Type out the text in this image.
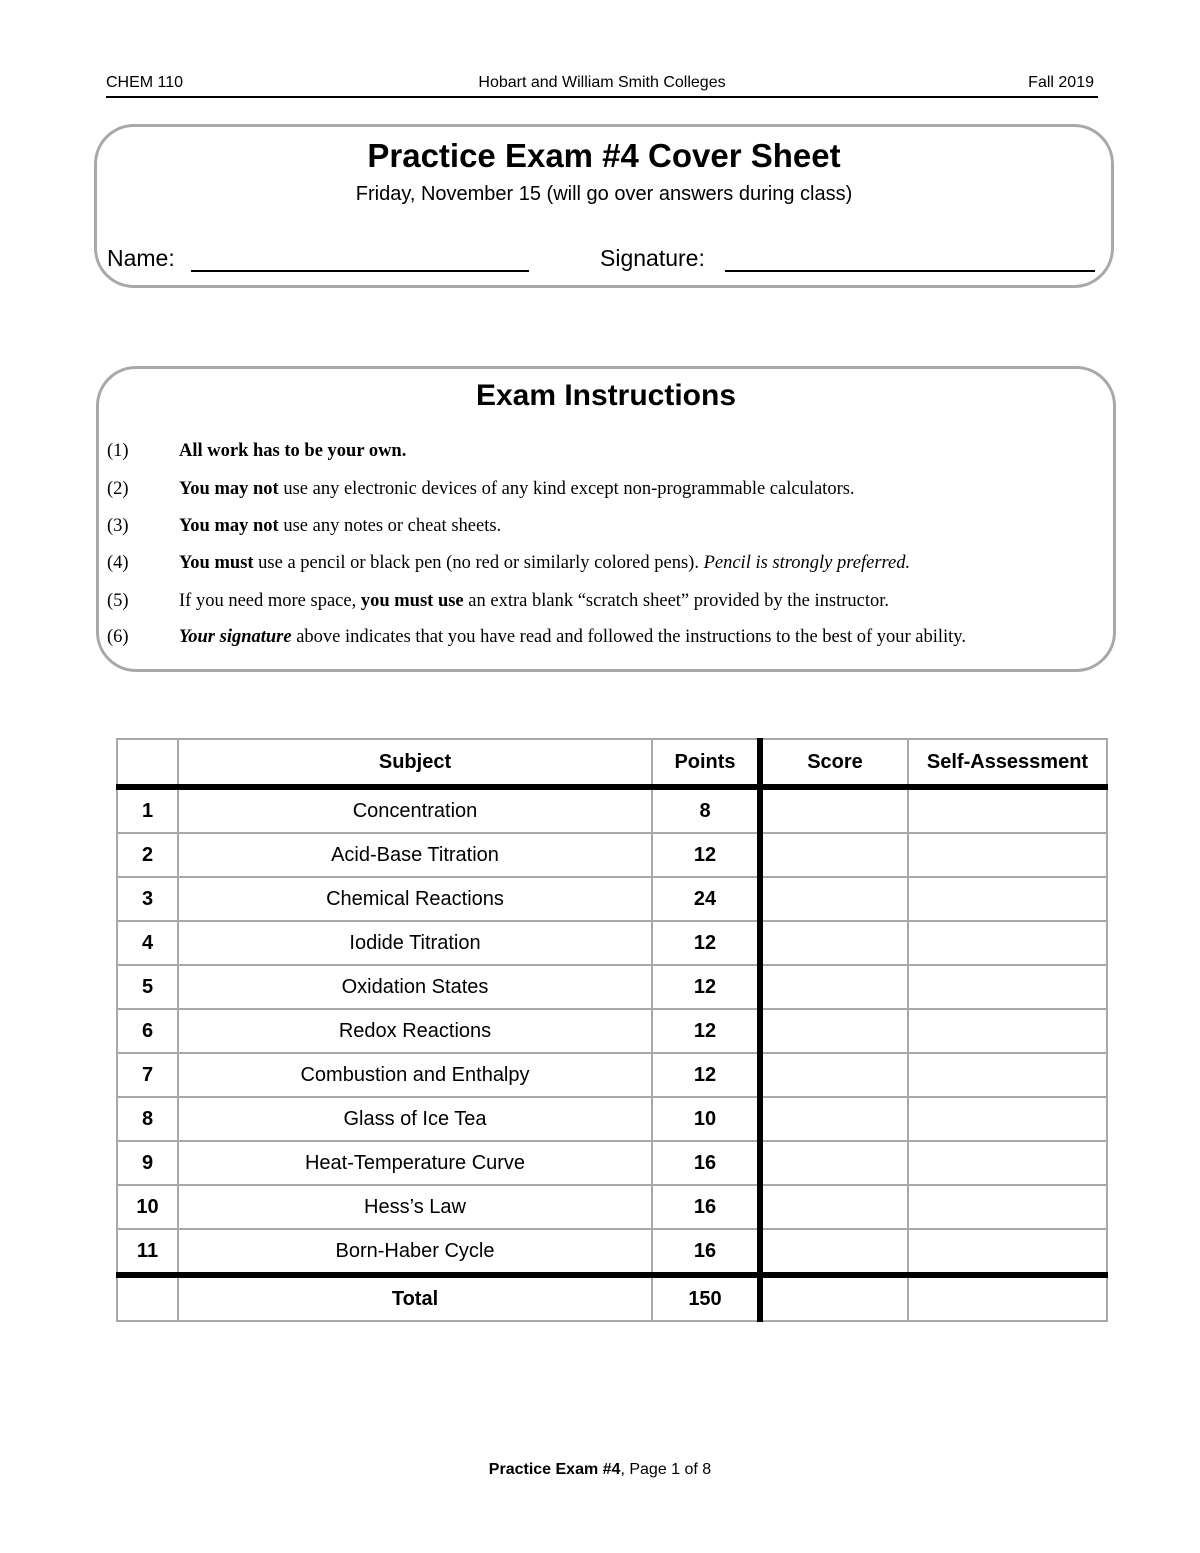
CHEM 110	Hobart and William Smith Colleges	Fall 2019
Practice Exam #4 Cover Sheet
Friday, November 15 (will go over answers during class)
Name:	Signature:
Exam Instructions
(1)	All work has to be your own.
(2)	You may not use any electronic devices of any kind except non-programmable calculators.
(3)	You may not use any notes or cheat sheets.
(4)	You must use a pencil or black pen (no red or similarly colored pens). Pencil is strongly preferred.
(5)	If you need more space, you must use an extra blank “scratch sheet” provided by the instructor.
(6)	Your signature above indicates that you have read and followed the instructions to the best of your ability.
	Subject	Points	Score	Self-Assessment
1	Concentration	8		
2	Acid-Base Titration	12		
3	Chemical Reactions	24		
4	Iodide Titration	12		
5	Oxidation States	12		
6	Redox Reactions	12		
7	Combustion and Enthalpy	12		
8	Glass of Ice Tea	10		
9	Heat-Temperature Curve	16		
10	Hess’s Law	16		
11	Born-Haber Cycle	16		
	Total	150		
Practice Exam #4, Page 1 of 8
